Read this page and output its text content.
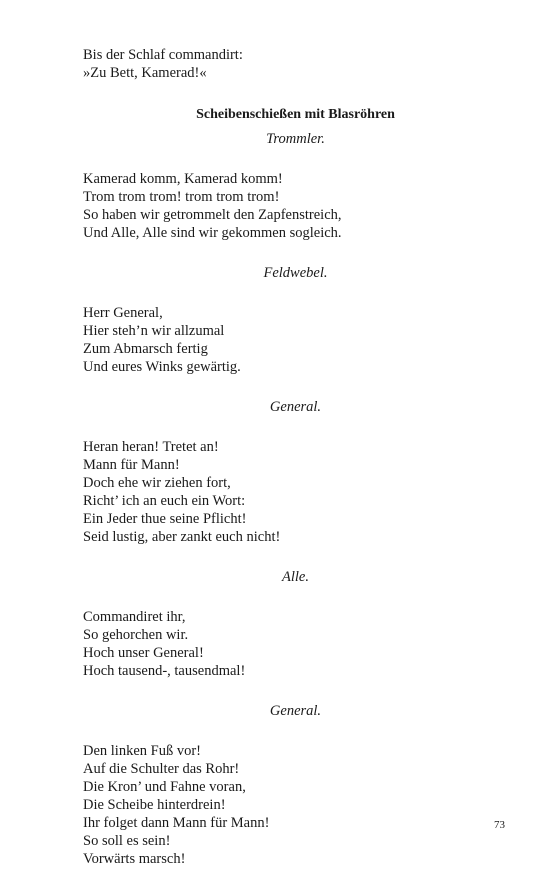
Bis der Schlaf commandirt:
»Zu Bett, Kamerad!«
Scheibenschießen mit Blasröhren
Trommler.
Kamerad komm, Kamerad komm!
Trom trom trom! trom trom trom!
So haben wir getrommelt den Zapfenstreich,
Und Alle, Alle sind wir gekommen sogleich.
Feldwebel.
Herr General,
Hier steh’n wir allzumal
Zum Abmarsch fertig
Und eures Winks gewärtig.
General.
Heran heran! Tretet an!
Mann für Mann!
Doch ehe wir ziehen fort,
Richt’ ich an euch ein Wort:
Ein Jeder thue seine Pflicht!
Seid lustig, aber zankt euch nicht!
Alle.
Commandiret ihr,
So gehorchen wir.
Hoch unser General!
Hoch tausend-, tausendmal!
General.
Den linken Fuß vor!
Auf die Schulter das Rohr!
Die Kron’ und Fahne voran,
Die Scheibe hinterdrein!
Ihr folget dann Mann für Mann!
So soll es sein!
Vorwärts marsch!
73
